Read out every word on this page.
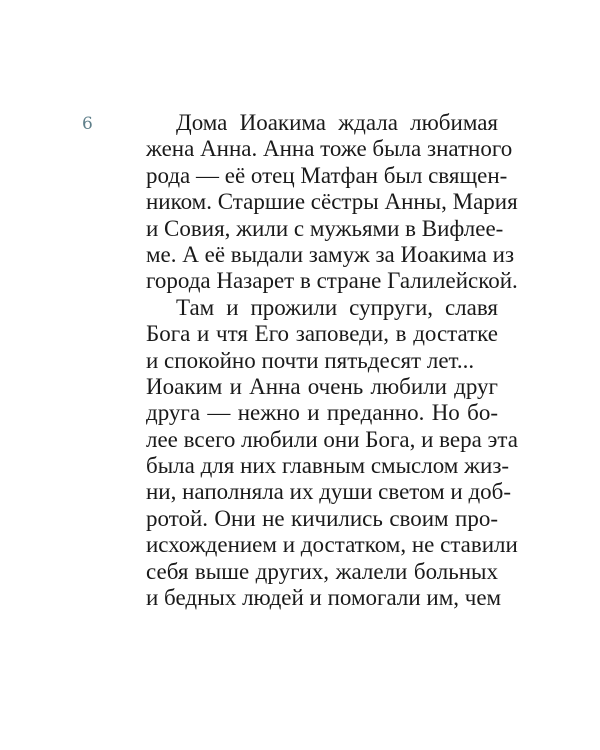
6	Дома Иоакима ждала любимая
жена Анна. Анна тоже была знатного
рода — её отец Матфан был священ-
ником. Старшие сёстры Анны, Мария
и Совия, жили с мужьями в Вифлее-
ме. А её выдали замуж за Иоакима из
города Назарет в стране Галилейской.
Там и прожили супруги, славя
Бога и чтя Его заповеди, в достатке
и спокойно почти пятьдесят лет...
Иоаким и Анна очень любили друг
друга — нежно и преданно. Но бо-
лее всего любили они Бога, и вера эта
была для них главным смыслом жиз-
ни, наполняла их души светом и доб-
ротой. Они не кичились своим про-
исхождением и достатком, не ставили
себя выше других, жалели больных
и бедных людей и помогали им, чем
